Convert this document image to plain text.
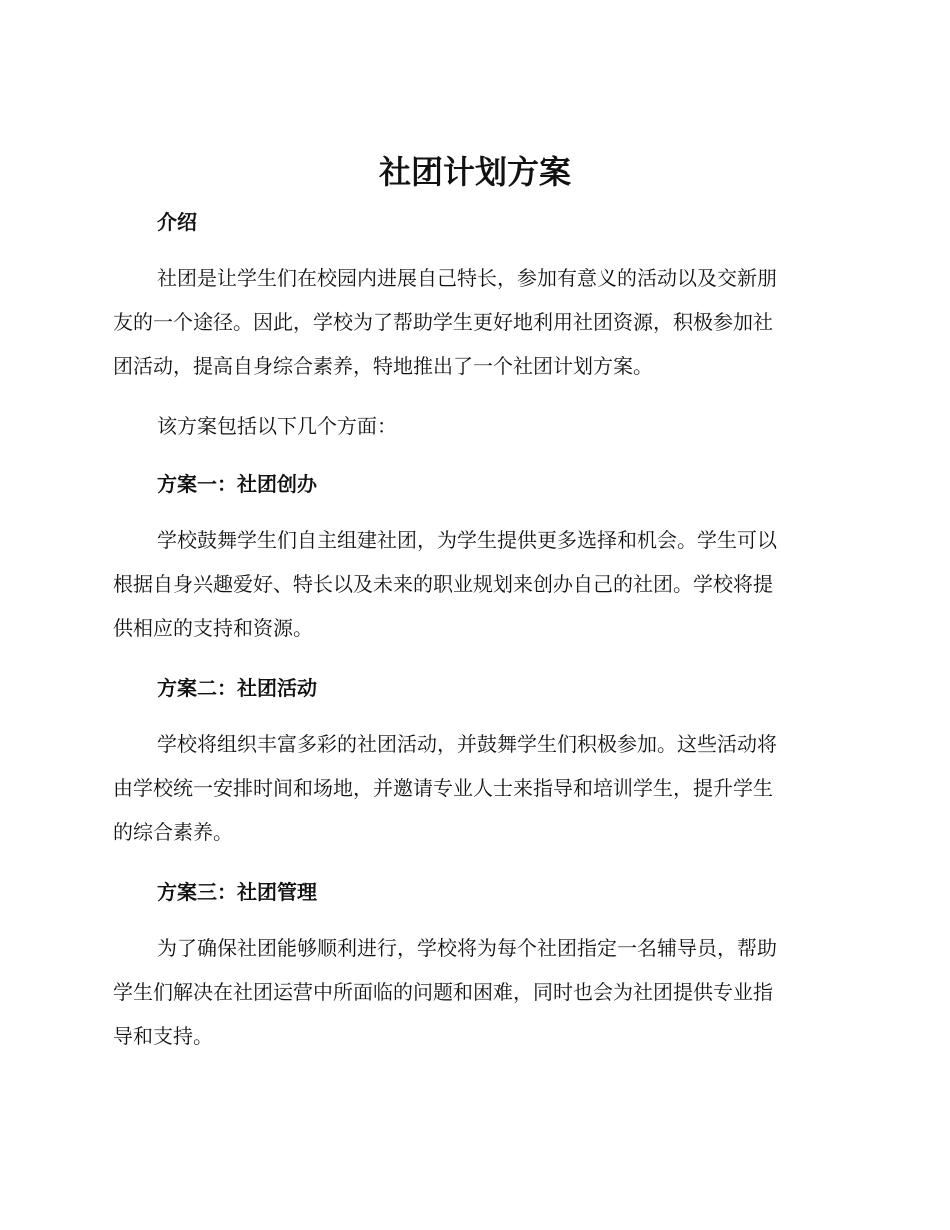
社团计划方案
介绍

社团是让学生们在校园内进展自己特长，参加有意义的活动以及交新朋
友的一个途径。因此，学校为了帮助学生更好地利用社团资源，积极参加社
团活动，提高自身综合素养，特地推出了一个社团计划方案。

该方案包括以下几个方面：

方案一：社团创办

学校鼓舞学生们自主组建社团，为学生提供更多选择和机会。学生可以
根据自身兴趣爱好、特长以及未来的职业规划来创办自己的社团。学校将提
供相应的支持和资源。

方案二：社团活动

学校将组织丰富多彩的社团活动，并鼓舞学生们积极参加。这些活动将
由学校统一安排时间和场地，并邀请专业人士来指导和培训学生，提升学生
的综合素养。

方案三：社团管理

为了确保社团能够顺利进行，学校将为每个社团指定一名辅导员，帮助
学生们解决在社团运营中所面临的问题和困难，同时也会为社团提供专业指
导和支持。
